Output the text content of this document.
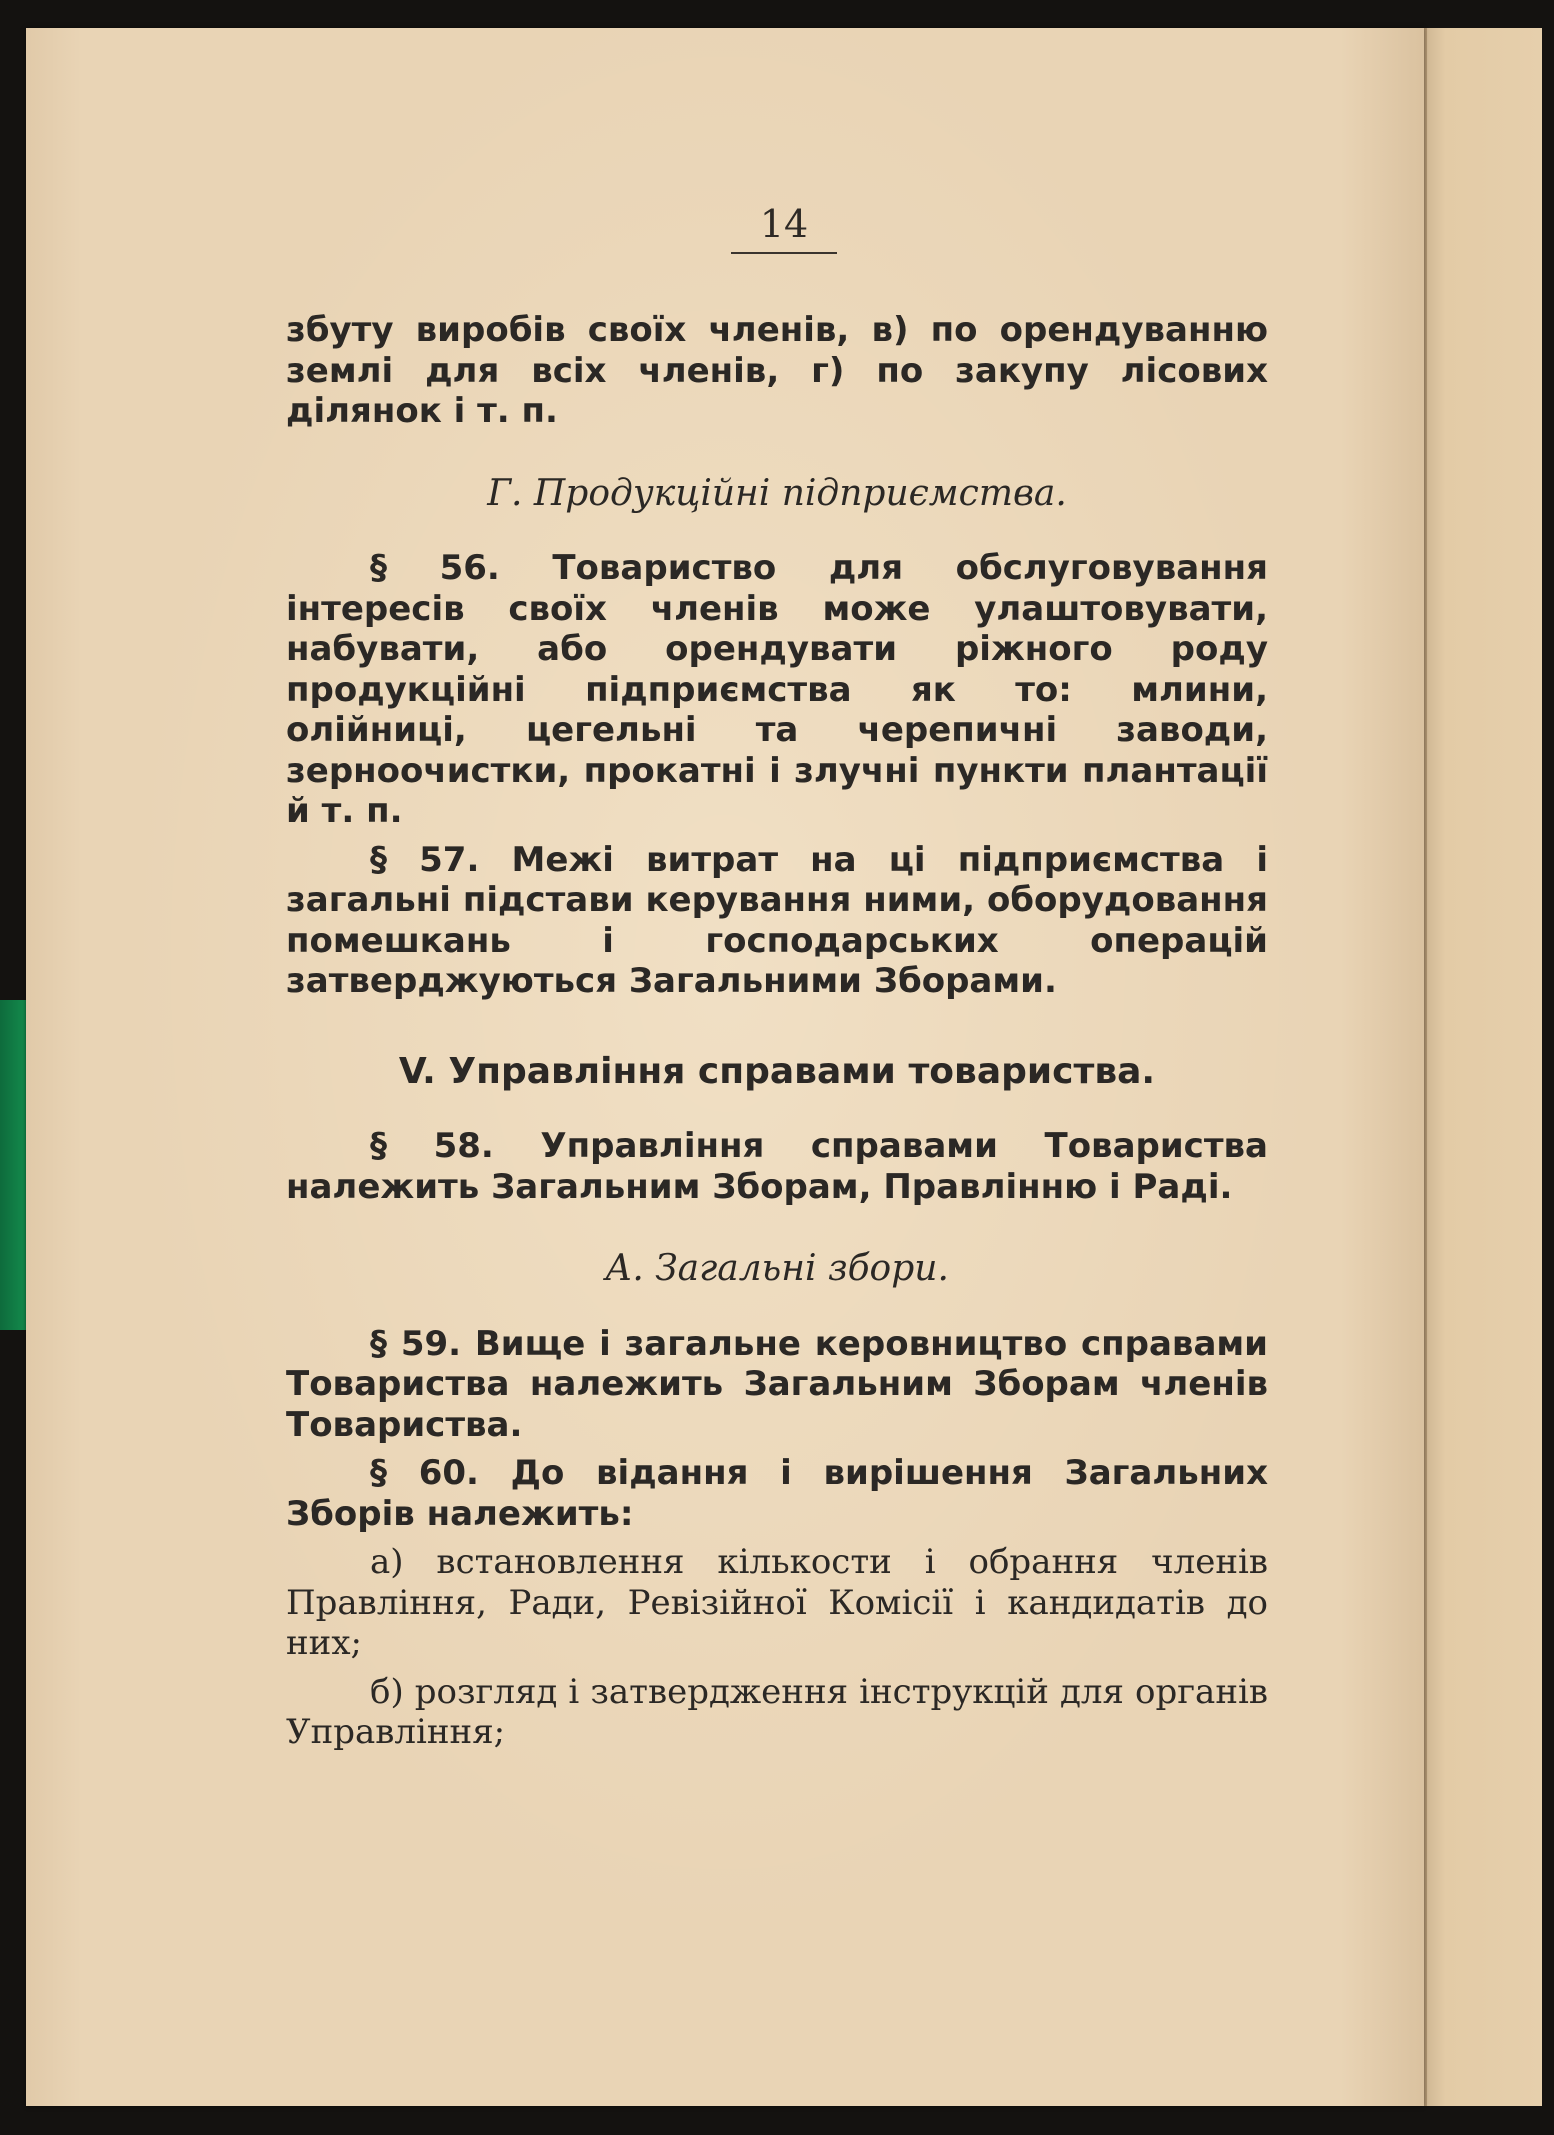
14

збуту виробів своїх членів, в) по орендуванню землі для всіх членів, г) по закупу лісових ділянок і т. п.

Г. Продукційні підприємства.

§ 56. Товариство для обслуговування інтересів своїх членів може улаштовувати, набувати, або орендувати ріжного роду продукційні підприємства як то: млини, олійниці, цегельні та черепичні заводи, зерноочистки, прокатні і злучні пункти плантації й т. п.

§ 57. Межі витрат на ці підприємства і загальні підстави керування ними, оборудовання помешкань і господарських операцій затверджуються Загальними Зборами.

V. Управління справами товариства.

§ 58. Управління справами Товариства належить Загальним Зборам, Правлінню і Раді.

А. Загальні збори.

§ 59. Вище і загальне керовництво справами Товариства належить Загальним Зборам членів Товариства.

§ 60. До відання і вирішення Загальних Зборів належить:

а) встановлення кількости і обрання членів Правління, Ради, Ревізійної Комісії і кандидатів до них;

б) розгляд і затвердження інструкцій для органів Управління;
